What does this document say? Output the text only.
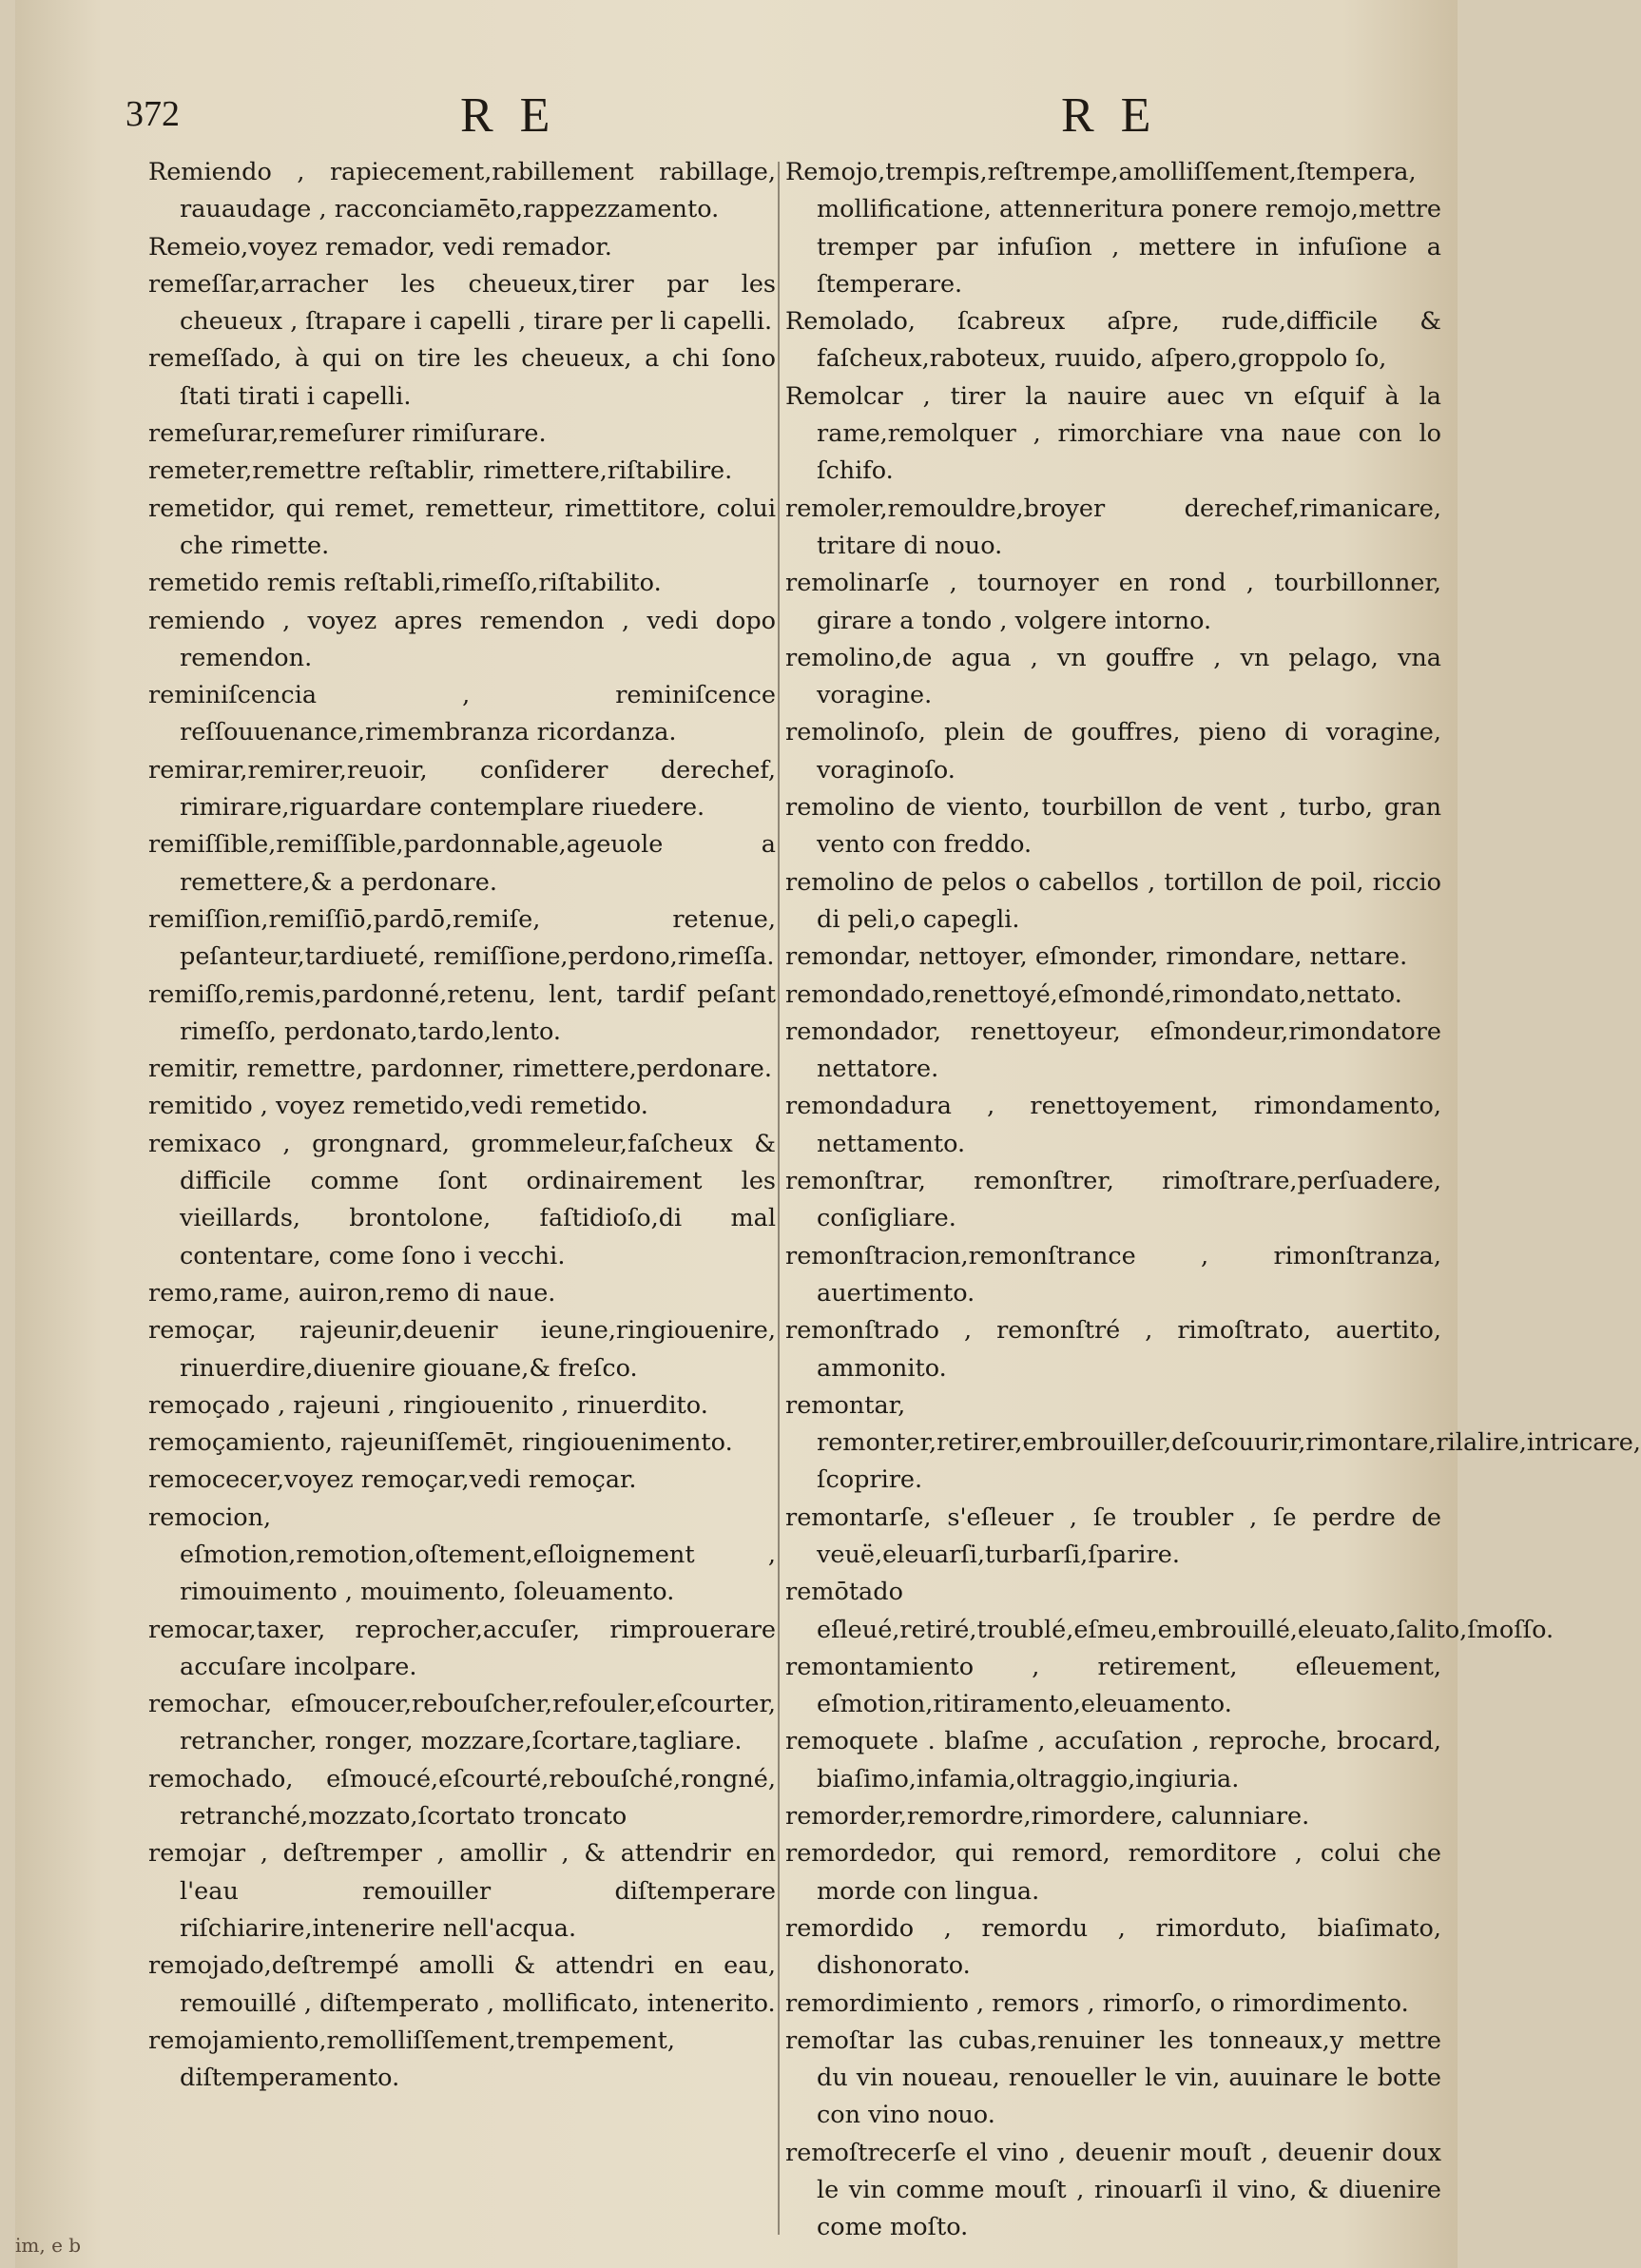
372	RE	RE

Remiendo , rapiecement,rabillement rabillage, rauaudage , racconciamēto,rappezzamento.

Remeio,voyez remador, vedi remador.

remeſſar,arracher les cheueux,tirer par les cheueux , ſtrapare i capelli , tirare per li capelli.

remeſſado, à qui on tire les cheueux, a chi ſono ſtati tirati i capelli.

remeſurar,remeſurer rimiſurare.

remeter,remettre reſtablir, rimettere,riſtabilire.

remetidor, qui remet, remetteur, rimettitore, colui che rimette.

remetido remis reſtabli,rimeſſo,riſtabilito.

remiendo , voyez apres remendon , vedi dopo remendon.

reminiſcencia , reminiſcence reſſouuenance,rimembranza ricordanza.

remirar,remirer,reuoir, conſiderer derechef, rimirare,riguardare contemplare riuedere.

remiſſible,remiſſible,pardonnable,ageuole a remettere,& a perdonare.

remiſſion,remiſſiō,pardō,remiſe, retenue, peſanteur,tardiueté, remiſſione,perdono,rimeſſa.

remiſſo,remis,pardonné,retenu, lent, tardif peſant rimeſſo, perdonato,tardo,lento.

remitir, remettre, pardonner, rimettere,perdonare.

remitido , voyez remetido,vedi remetido.

remixaco , grongnard, grommeleur,faſcheux & difficile comme ſont ordinairement les vieillards, brontolone, faſtidioſo,di mal contentare, come ſono i vecchi.

remo,rame, auiron,remo di naue.

remoçar, rajeunir,deuenir ieune,ringiouenire, rinuerdire,diuenire giouane,& freſco.

remoçado , rajeuni , ringiouenito , rinuerdito.

remoçamiento, rajeuniſſemēt, ringiouenimento.

remocecer,voyez remoçar,vedi remoçar.

remocion, eſmotion,remotion,oſtement,eſloignement , rimouimento , mouimento, ſoleuamento.

remocar,taxer, reprocher,accuſer, rimprouerare accuſare incolpare.

remochar, eſmoucer,rebouſcher,refouler,eſcourter, retrancher, ronger, mozzare,ſcortare,tagliare.

remochado, eſmoucé,eſcourté,rebouſché,rongné, retranché,mozzato,ſcortato troncato

remojar , deſtremper , amollir , & attendrir en l'eau remouiller diſtemperare riſchiarire,intenerire nell'acqua.

remojado,deſtrempé amolli & attendri en eau, remouillé , diſtemperato , mollificato, intenerito.

remojamiento,remolliſſement,trempement, diſtemperamento.

Remojo,trempis,reſtrempe,amolliſſement,ſtempera, mollificatione, attenneritura ponere remojo,mettre tremper par infuſion , mettere in infuſione a ſtemperare.

Remolado, ſcabreux aſpre, rude,difficile & faſcheux,raboteux, ruuido, aſpero,groppolo ſo,

Remolcar , tirer la nauire auec vn eſquif à la rame,remolquer , rimorchiare vna naue con lo ſchifo.

remoler,remouldre,broyer derechef,rimanicare, tritare di nouo.

remolinarſe , tournoyer en rond , tourbillonner, girare a tondo , volgere intorno.

remolino,de agua , vn gouffre , vn pelago, vna voragine.

remolinoſo, plein de gouffres, pieno di voragine, voraginoſo.

remolino de viento, tourbillon de vent , turbo, gran vento con freddo.

remolino de pelos o cabellos , tortillon de poil, riccio di peli,o capegli.

remondar, nettoyer, eſmonder, rimondare, nettare.

remondado,renettoyé,eſmondé,rimondato,nettato.

remondador, renettoyeur, eſmondeur,rimondatore nettatore.

remondadura , renettoyement, rimondamento, nettamento.

remonſtrar, remonſtrer, rimoſtrare,perſuadere, conſigliare.

remonſtracion,remonſtrance , rimonſtranza, auertimento.

remonſtrado , remonſtré , rimoſtrato, auertito, ammonito.

remontar, remonter,retirer,embrouiller,deſcouurir,rimontare,rilalire,intricare, ſcoprire.

remontarſe, s'eſleuer , ſe troubler , ſe perdre de veuë,eleuarſi,turbarſi,ſparire.

remōtado eſleué,retiré,troublé,eſmeu,embrouillé,eleuato,ſalito,ſmoſſo.

remontamiento , retirement, eſleuement, eſmotion,ritiramento,eleuamento.

remoquete . blaſme , accuſation , reproche, brocard, biaſimo,infamia,oltraggio,ingiuria.

remorder,remordre,rimordere, calunniare.

remordedor, qui remord, remorditore , colui che morde con lingua.

remordido , remordu , rimorduto, biaſimato, dishonorato.

remordimiento , remors , rimorſo, o rimordimento.

remoſtar las cubas,renuiner les tonneaux,y mettre du vin noueau, renoueller le vin, auuinare le botte con vino nouo.

remoſtrecerſe el vino , deuenir mouſt , deuenir doux le vin comme mouſt , rinouarſi il vino, & diuenire come moſto.

im, e b
